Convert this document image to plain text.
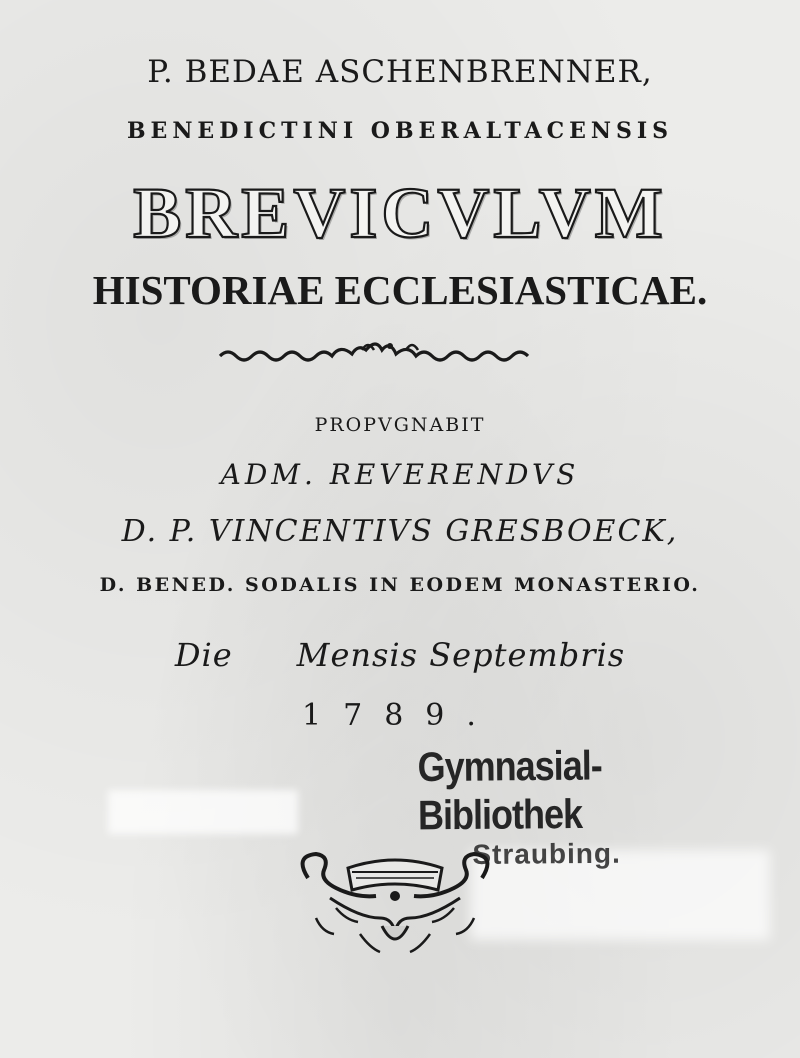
P. BEDAE ASCHENBRENNER,
BENEDICTINI OBERALTACENSIS
BREVICVLVM
HISTORIAE ECCLESIASTICAE.
PROPVGNABIT
ADM. REVERENDVS
D. P. VINCENTIVS GRESBOECK,
D. BENED. SODALIS IN EODEM MONASTERIO.
Die Mensis Septembris
1789.
Gymnasial-Bibliothek
Straubing.
